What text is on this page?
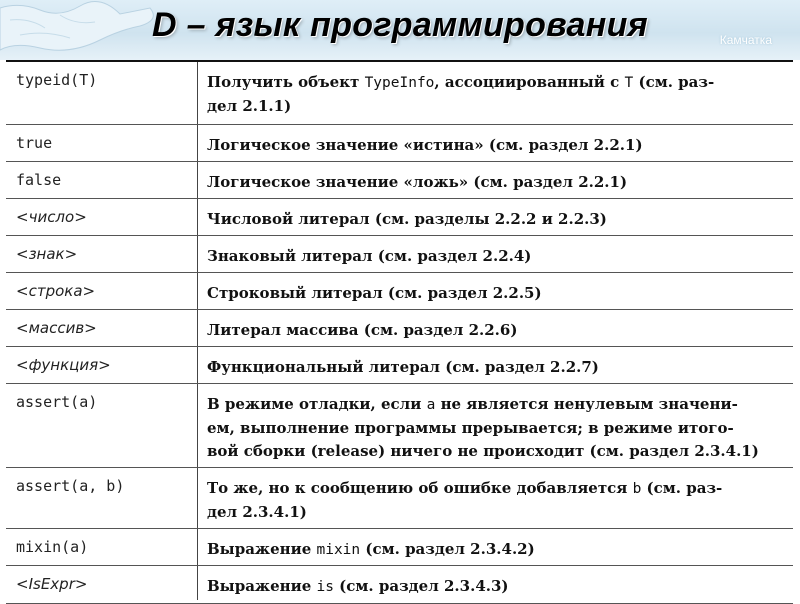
D – язык программирования	Камчатка
typeid(T)	Получить объект TypeInfo, ассоциированный с T (см. раз-
дел 2.1.1)

true	Логическое значение «истина» (см. раздел 2.2.1)

false	Логическое значение «ложь» (см. раздел 2.2.1)

<число>	Числовой литерал (см. разделы 2.2.2 и 2.2.3)

<знак>	Знаковый литерал (см. раздел 2.2.4)

<строка>	Строковый литерал (см. раздел 2.2.5)

<массив>	Литерал массива (см. раздел 2.2.6)

<функция>	Функциональный литерал (см. раздел 2.2.7)

assert(a)	В режиме отладки, если a не является ненулевым значени-
ем, выполнение программы прерывается; в режиме итого-
вой сборки (release) ничего не происходит (см. раздел 2.3.4.1)

assert(a, b)	То же, но к сообщению об ошибке добавляется b (см. раз-
дел 2.3.4.1)

mixin(a)	Выражение mixin (см. раздел 2.3.4.2)

<IsExpr>	Выражение is (см. раздел 2.3.4.3)
